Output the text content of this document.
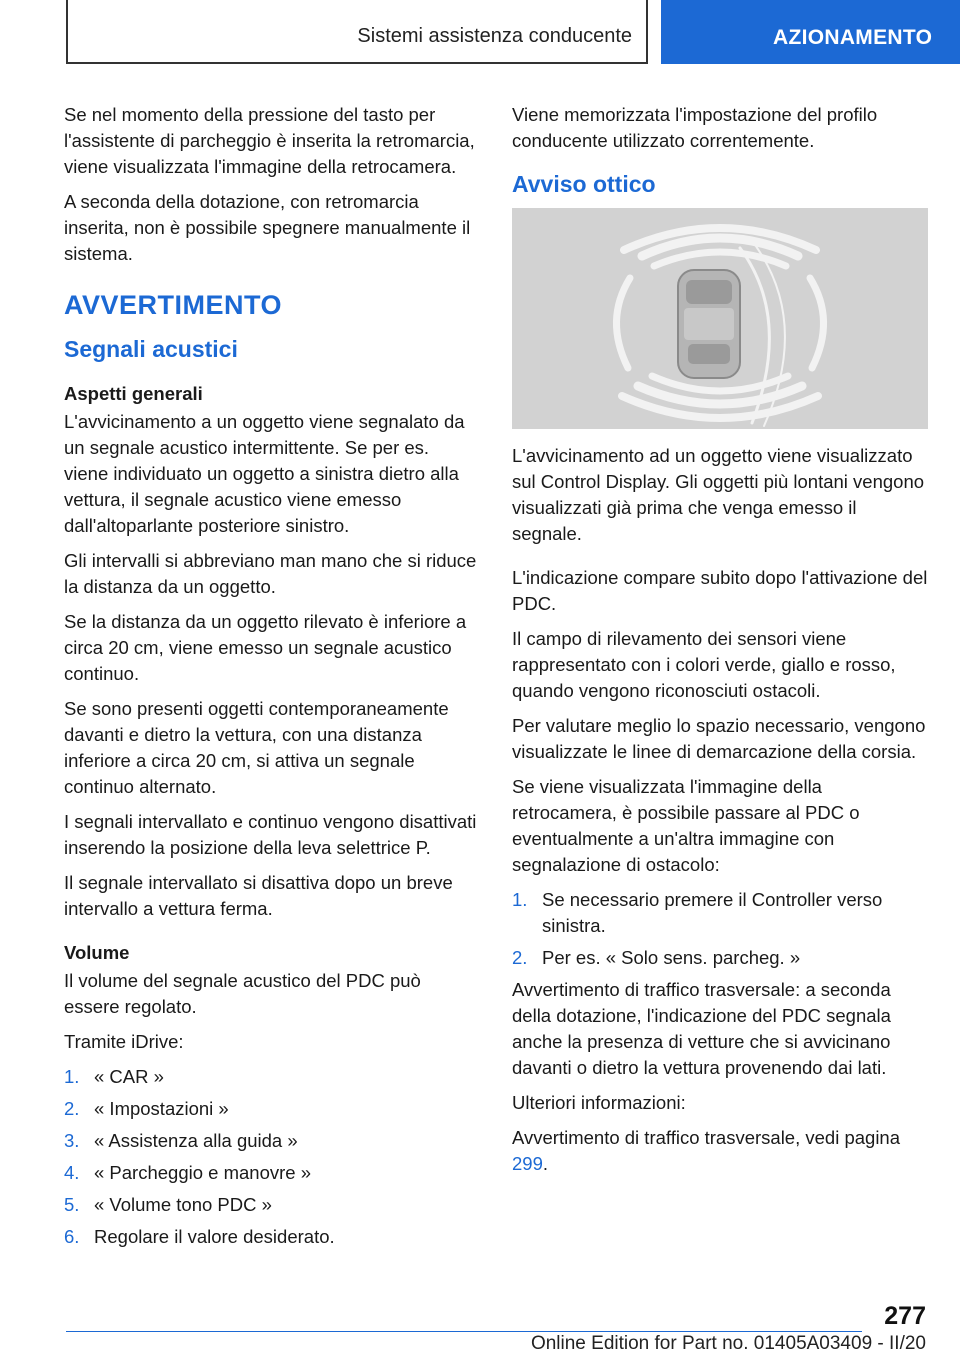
Sistemi assistenza conducente	AZIONAMENTO

Se nel momento della pressione del tasto per l'assistente di parcheggio è inserita la retromarcia, viene visualizzata l'immagine della retrocamera.

A seconda della dotazione, con retromarcia inserita, non è possibile spegnere manualmente il sistema.

AVVERTIMENTO
Segnali acustici
Aspetti generali

L'avvicinamento a un oggetto viene segnalato da un segnale acustico intermittente. Se per es. viene individuato un oggetto a sinistra dietro alla vettura, il segnale acustico viene emesso dall'altoparlante posteriore sinistro.

Gli intervalli si abbreviano man mano che si riduce la distanza da un oggetto.

Se la distanza da un oggetto rilevato è inferiore a circa 20 cm, viene emesso un segnale acustico continuo.

Se sono presenti oggetti contemporaneamente davanti e dietro la vettura, con una distanza inferiore a circa 20 cm, si attiva un segnale continuo alternato.

I segnali intervallato e continuo vengono disattivati inserendo la posizione della leva selettrice P.

Il segnale intervallato si disattiva dopo un breve intervallo a vettura ferma.

Volume

Il volume del segnale acustico del PDC può essere regolato.

Tramite iDrive:

1. « CAR »
2. « Impostazioni »
3. « Assistenza alla guida »
4. « Parcheggio e manovre »
5. « Volume tono PDC »
6. Regolare il valore desiderato.

Viene memorizzata l'impostazione del profilo conducente utilizzato correntemente.

Avviso ottico

L'avvicinamento ad un oggetto viene visualizzato sul Control Display. Gli oggetti più lontani vengono visualizzati già prima che venga emesso il segnale.

L'indicazione compare subito dopo l'attivazione del PDC.

Il campo di rilevamento dei sensori viene rappresentato con i colori verde, giallo e rosso, quando vengono riconosciuti ostacoli.

Per valutare meglio lo spazio necessario, vengono visualizzate le linee di demarcazione della corsia.

Se viene visualizzata l'immagine della retrocamera, è possibile passare al PDC o eventualmente a un'altra immagine con segnalazione di ostacolo:

1. Se necessario premere il Controller verso sinistra.
2. Per es. « Solo sens. parcheg. »

Avvertimento di traffico trasversale: a seconda della dotazione, l'indicazione del PDC segnala anche la presenza di vetture che si avvicinano davanti o dietro la vettura provenendo dai lati.

Ulteriori informazioni:

Avvertimento di traffico trasversale, vedi pagina 299.

277
Online Edition for Part no. 01405A03409 - II/20
